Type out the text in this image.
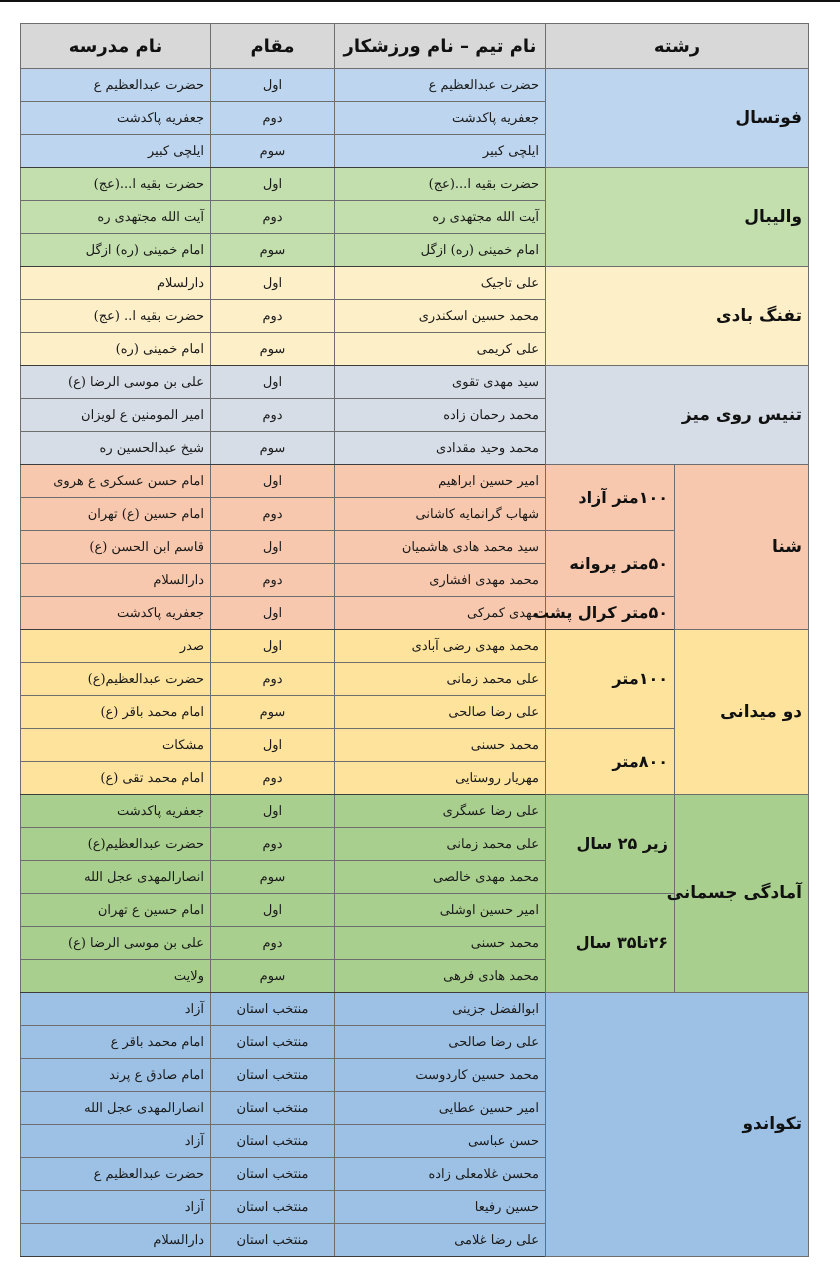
رشته		نام تیم – نام ورزشکار	مقام	نام مدرسه
فوتسال		حضرت عبدالعظیم ع	اول	حضرت عبدالعظیم ع
		جعفریه پاکدشت	دوم	جعفریه پاکدشت
		ایلچی کبیر	سوم	ایلچی کبیر
والیبال		حضرت بقیه ا...(عج)	اول	حضرت بقیه ا...(عج)
		آیت الله مجتهدی ره	دوم	آیت الله مجتهدی ره
		امام خمینی (ره) ازگل	سوم	امام خمینی (ره) ازگل
تفنگ بادی		علی تاجیک	اول	دارلسلام
		محمد حسین اسکندری	دوم	حضرت بقیه ا.. (عج)
		علی کریمی	سوم	امام خمینی (ره)
تنیس روی میز		سید مهدی تقوی	اول	علی بن موسی الرضا (ع)
		محمد رحمان زاده	دوم	امیر المومنین ع لویزان
		محمد وحید مقدادی	سوم	شیخ عبدالحسین ره
شنا	۱۰۰متر آزاد	امیر حسین ابراهیم	اول	امام حسن عسکری ع هروی
		شهاب گرانمایه کاشانی	دوم	امام حسین (ع) تهران
	۵۰متر پروانه	سید محمد هادی هاشمیان	اول	قاسم ابن الحسن (ع)
		محمد مهدی افشاری	دوم	دارالسلام
	۵۰متر کرال پشت	مهدی کمرکی	اول	جعفریه پاکدشت
دو میدانی	۱۰۰متر	محمد مهدی رضی آبادی	اول	صدر
		علی محمد زمانی	دوم	حضرت عبدالعظیم(ع)
		علی رضا صالحی	سوم	امام محمد باقر (ع)
	۸۰۰متر	محمد حسنی	اول	مشکات
		مهریار روستایی	دوم	امام محمد تقی (ع)
آمادگی جسمانی	زیر ۲۵ سال	علی رضا عسگری	اول	جعفریه پاکدشت
		علی محمد زمانی	دوم	حضرت عبدالعظیم(ع)
		محمد مهدی خالصی	سوم	انصارالمهدی عجل الله
	۲۶تا۳۵ سال	امیر حسین اوشلی	اول	امام حسین ع تهران
		محمد حسنی	دوم	علی بن موسی الرضا (ع)
		محمد هادی فرهی	سوم	ولایت
تکواندو		ابوالفضل جزینی	منتخب استان	آزاد
		علی رضا صالحی	منتخب استان	امام محمد باقر ع
		محمد حسین کاردوست	منتخب استان	امام صادق ع پرند
		امیر حسین عطایی	منتخب استان	انصارالمهدی عجل الله
		حسن عباسی	منتخب استان	آزاد
		محسن غلامعلی زاده	منتخب استان	حضرت عبدالعظیم ع
		حسین رفیعا	منتخب استان	آزاد
		علی رضا غلامی	منتخب استان	دارالسلام
